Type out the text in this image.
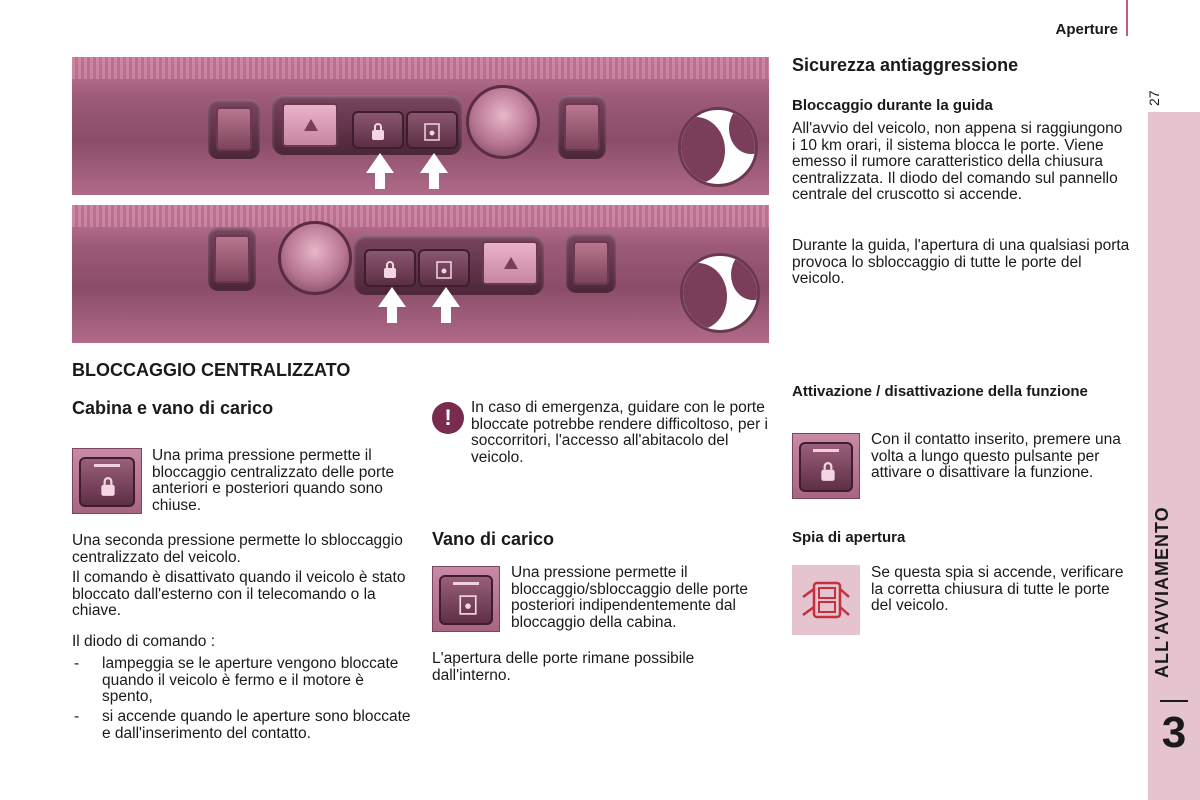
Aperture
27
ALL'AVVIAMENTO
3
BLOCCAGGIO CENTRALIZZATO
Cabina e vano di carico
Una prima pressione permette il bloccaggio centralizzato delle porte anteriori e posteriori quando sono chiuse.
Una seconda pressione permette lo sbloccaggio centralizzato del veicolo.
Il comando è disattivato quando il veicolo è stato bloccato dall'esterno con il telecomando o la chiave.
Il diodo di comando :
- lampeggia se le aperture vengono bloccate quando il veicolo è fermo e il motore è spento,
- si accende quando le aperture sono bloccate e dall'inserimento del contatto.
!	In caso di emergenza, guidare con le porte bloccate potrebbe rendere difficoltoso, per i soccorritori, l'accesso all'abitacolo del veicolo.
Vano di carico
Una pressione permette il bloccaggio/sbloccaggio delle porte posteriori indipendentemente dal bloccaggio della cabina.
L'apertura delle porte rimane possibile dall'interno.
Sicurezza antiaggressione
Bloccaggio durante la guida
All'avvio del veicolo, non appena si raggiungono i 10 km orari, il sistema blocca le porte. Viene emesso il rumore caratteristico della chiusura centralizzata. Il diodo del comando sul pannello centrale del cruscotto si accende.
Durante la guida, l'apertura di una qualsiasi porta provoca lo sbloccaggio di tutte le porte del veicolo.
Attivazione / disattivazione della funzione
Con il contatto inserito, premere una volta a lungo questo pulsante per attivare o disattivare la funzione.
Spia di apertura
Se questa spia si accende, verificare la corretta chiusura di tutte le porte del veicolo.
